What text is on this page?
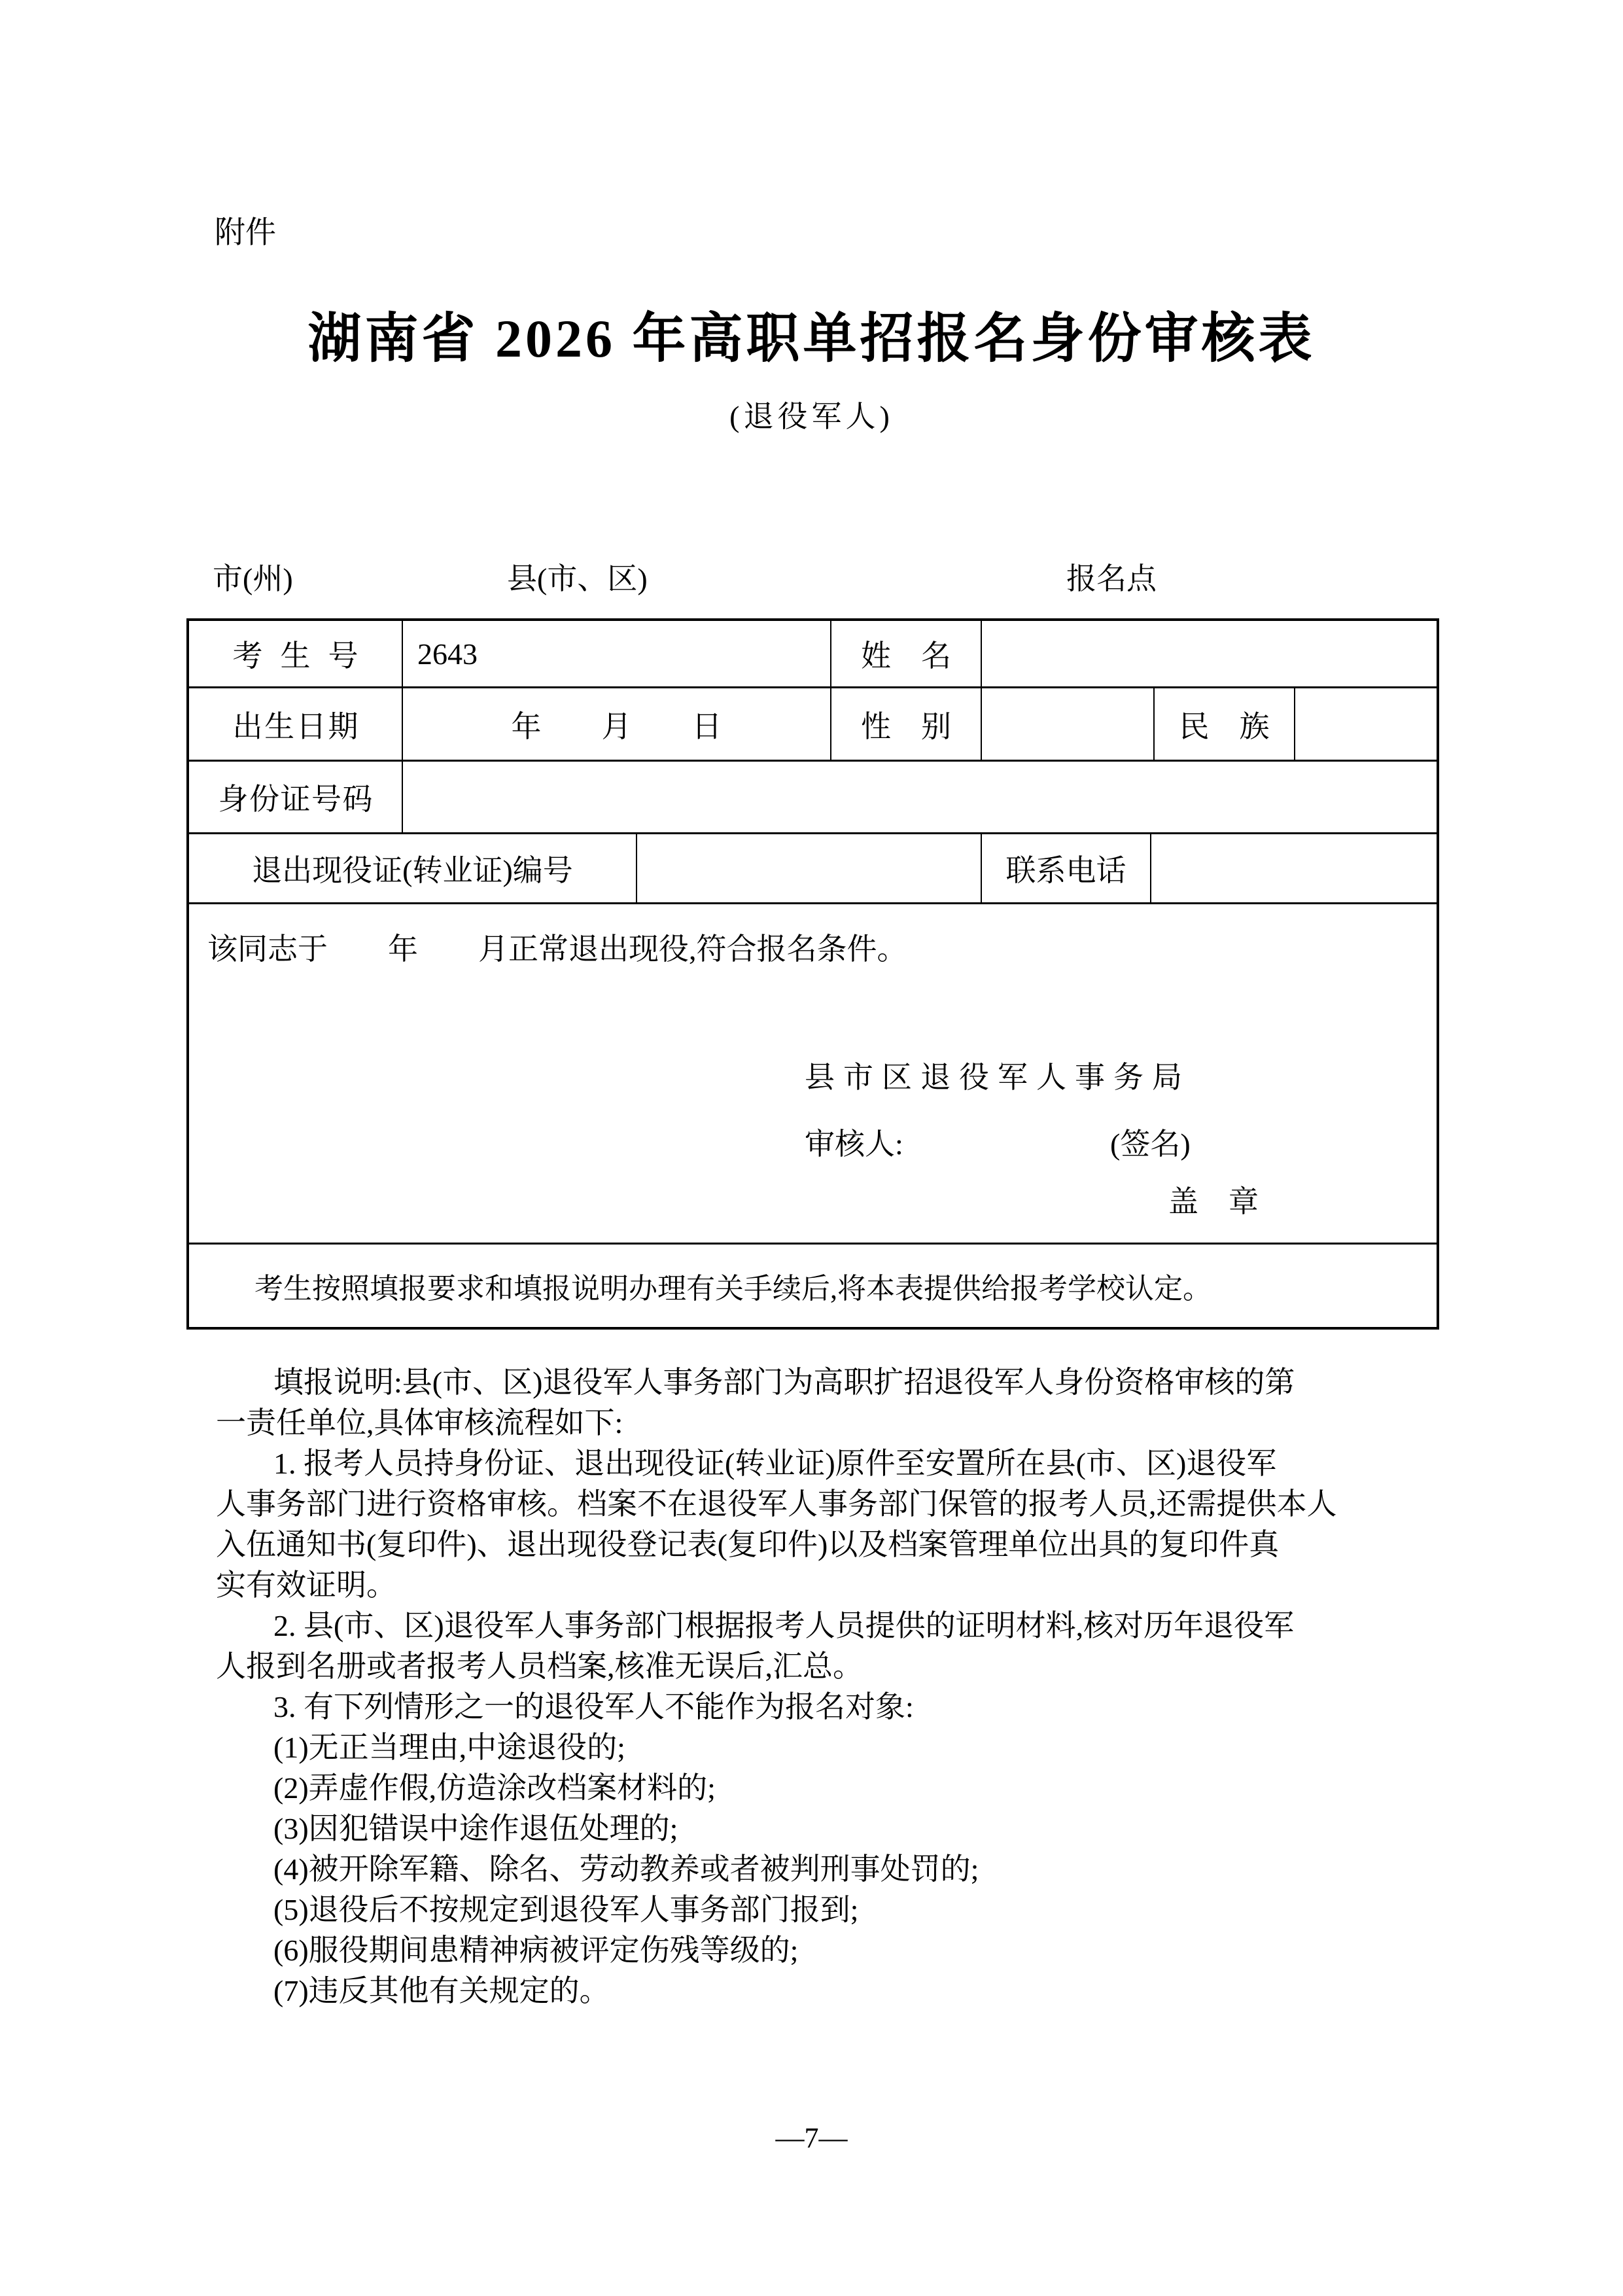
附件
湖南省 2026 年高职单招报名身份审核表
(退役军人)
市(州)	县(市、区)	报名点
考生号 2643	姓　名
出生日期	年　　月　　日	性　别	民　族
身份证号码
退出现役证(转业证)编号	联系电话
该同志于　　年　　月正常退出现役,符合报名条件。
县市区退役军人事务局
审核人:	(签名)
盖　章
考生按照填报要求和填报说明办理有关手续后,将本表提供给报考学校认定。
填报说明:县(市、区)退役军人事务部门为高职扩招退役军人身份资格审核的第
一责任单位,具体审核流程如下:
1. 报考人员持身份证、退出现役证(转业证)原件至安置所在县(市、区)退役军
人事务部门进行资格审核。档案不在退役军人事务部门保管的报考人员,还需提供本人
入伍通知书(复印件)、退出现役登记表(复印件)以及档案管理单位出具的复印件真
实有效证明。
2. 县(市、区)退役军人事务部门根据报考人员提供的证明材料,核对历年退役军
人报到名册或者报考人员档案,核准无误后,汇总。
3. 有下列情形之一的退役军人不能作为报名对象:
(1)无正当理由,中途退役的;
(2)弄虚作假,仿造涂改档案材料的;
(3)因犯错误中途作退伍处理的;
(4)被开除军籍、除名、劳动教养或者被判刑事处罚的;
(5)退役后不按规定到退役军人事务部门报到;
(6)服役期间患精神病被评定伤残等级的;
(7)违反其他有关规定的。
—7—
